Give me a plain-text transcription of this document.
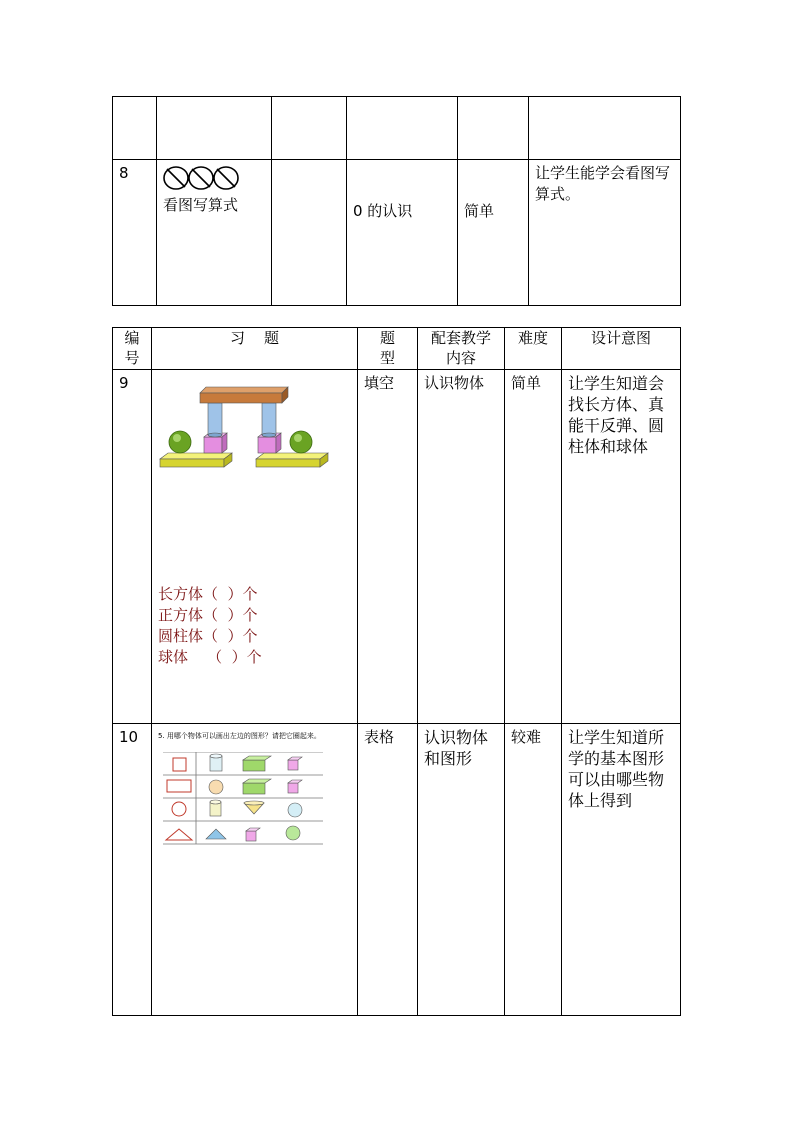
8	看图写算式		0 的认识	简单	让学生能学会看图写算式。
编号	习    题	题型	配套教学内容	难度	设计意图
9	长方体（  ）个
正方体（  ）个
圆柱体（  ）个
球体    （  ）个	填空	认识物体	简单	让学生知道会找长方体、真能干反弹、圆柱体和球体

10	5. 用哪个物体可以画出左边的图形？请把它圈起来。	表格	认识物体和图形	较难	让学生知道所学的基本图形可以由哪些物体上得到
